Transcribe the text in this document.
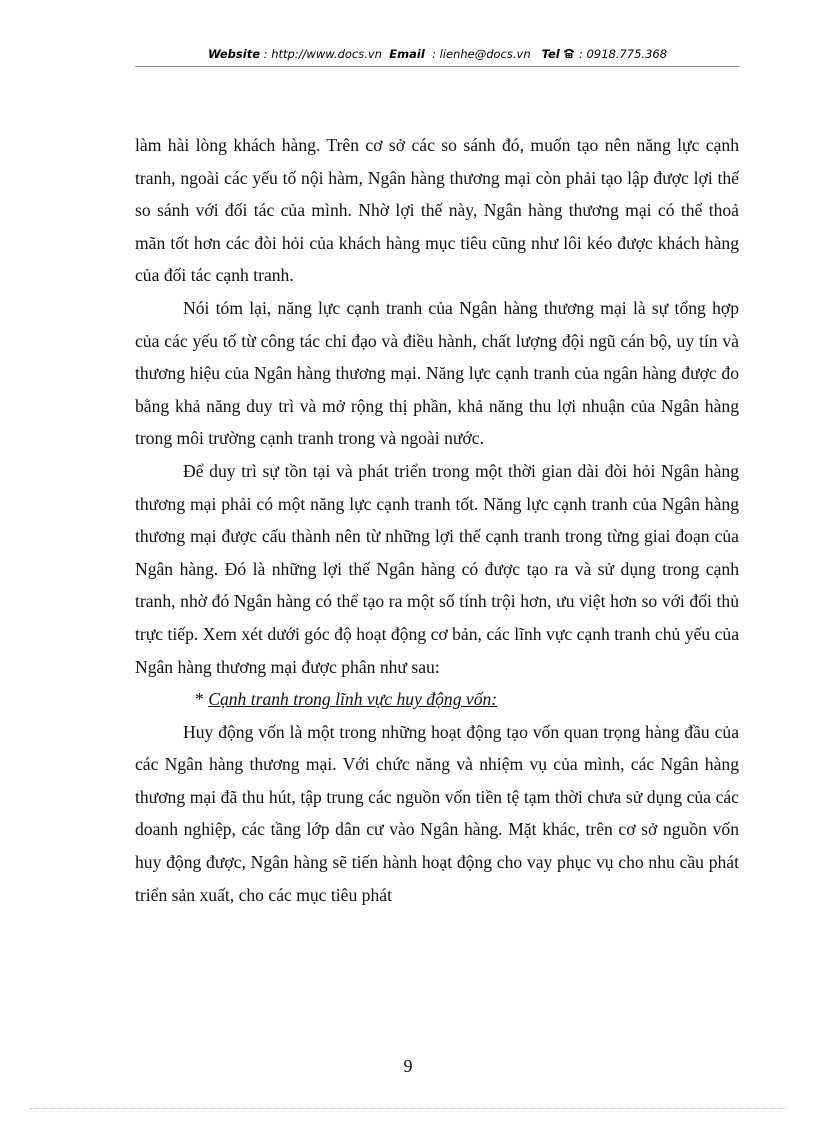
Website : http://www.docs.vn Email : lienhe@docs.vn Tel : 0918.775.368

làm hài lòng khách hàng. Trên cơ sở các so sánh đó, muốn tạo nên năng lực cạnh tranh, ngoài các yếu tố nội hàm, Ngân hàng thương mại còn phải tạo lập được lợi thế so sánh với đối tác của mình. Nhờ lợi thế này, Ngân hàng thương mại có thể thoả mãn tốt hơn các đòi hỏi của khách hàng mục tiêu cũng như lôi kéo được khách hàng của đối tác cạnh tranh.

Nói tóm lại, năng lực cạnh tranh của Ngân hàng thương mại là sự tổng hợp của các yếu tố từ công tác chỉ đạo và điều hành, chất lượng đội ngũ cán bộ, uy tín và thương hiệu của Ngân hàng thương mại. Năng lực cạnh tranh của ngân hàng được đo bằng khả năng duy trì và mở rộng thị phần, khả năng thu lợi nhuận của Ngân hàng trong môi trường cạnh tranh trong và ngoài nước.

Để duy trì sự tồn tại và phát triển trong một thời gian dài đòi hỏi Ngân hàng thương mại phải có một năng lực cạnh tranh tốt. Năng lực cạnh tranh của Ngân hàng thương mại được cấu thành nên từ những lợi thế cạnh tranh trong từng giai đoạn của Ngân hàng. Đó là những lợi thế Ngân hàng có được tạo ra và sử dụng trong cạnh tranh, nhờ đó Ngân hàng có thể tạo ra một số tính trội hơn, ưu việt hơn so với đối thủ trực tiếp. Xem xét dưới góc độ hoạt động cơ bản, các lĩnh vực cạnh tranh chủ yếu của Ngân hàng thương mại được phân như sau:

* Cạnh tranh trong lĩnh vực huy động vốn:

Huy động vốn là một trong những hoạt động tạo vốn quan trọng hàng đầu của các Ngân hàng thương mại. Với chức năng và nhiệm vụ của mình, các Ngân hàng thương mại đã thu hút, tập trung các nguồn vốn tiền tệ tạm thời chưa sử dụng của các doanh nghiệp, các tầng lớp dân cư vào Ngân hàng. Mặt khác, trên cơ sở nguồn vốn huy động được, Ngân hàng sẽ tiến hành hoạt động cho vay phục vụ cho nhu cầu phát triển sản xuất, cho các mục tiêu phát

9
